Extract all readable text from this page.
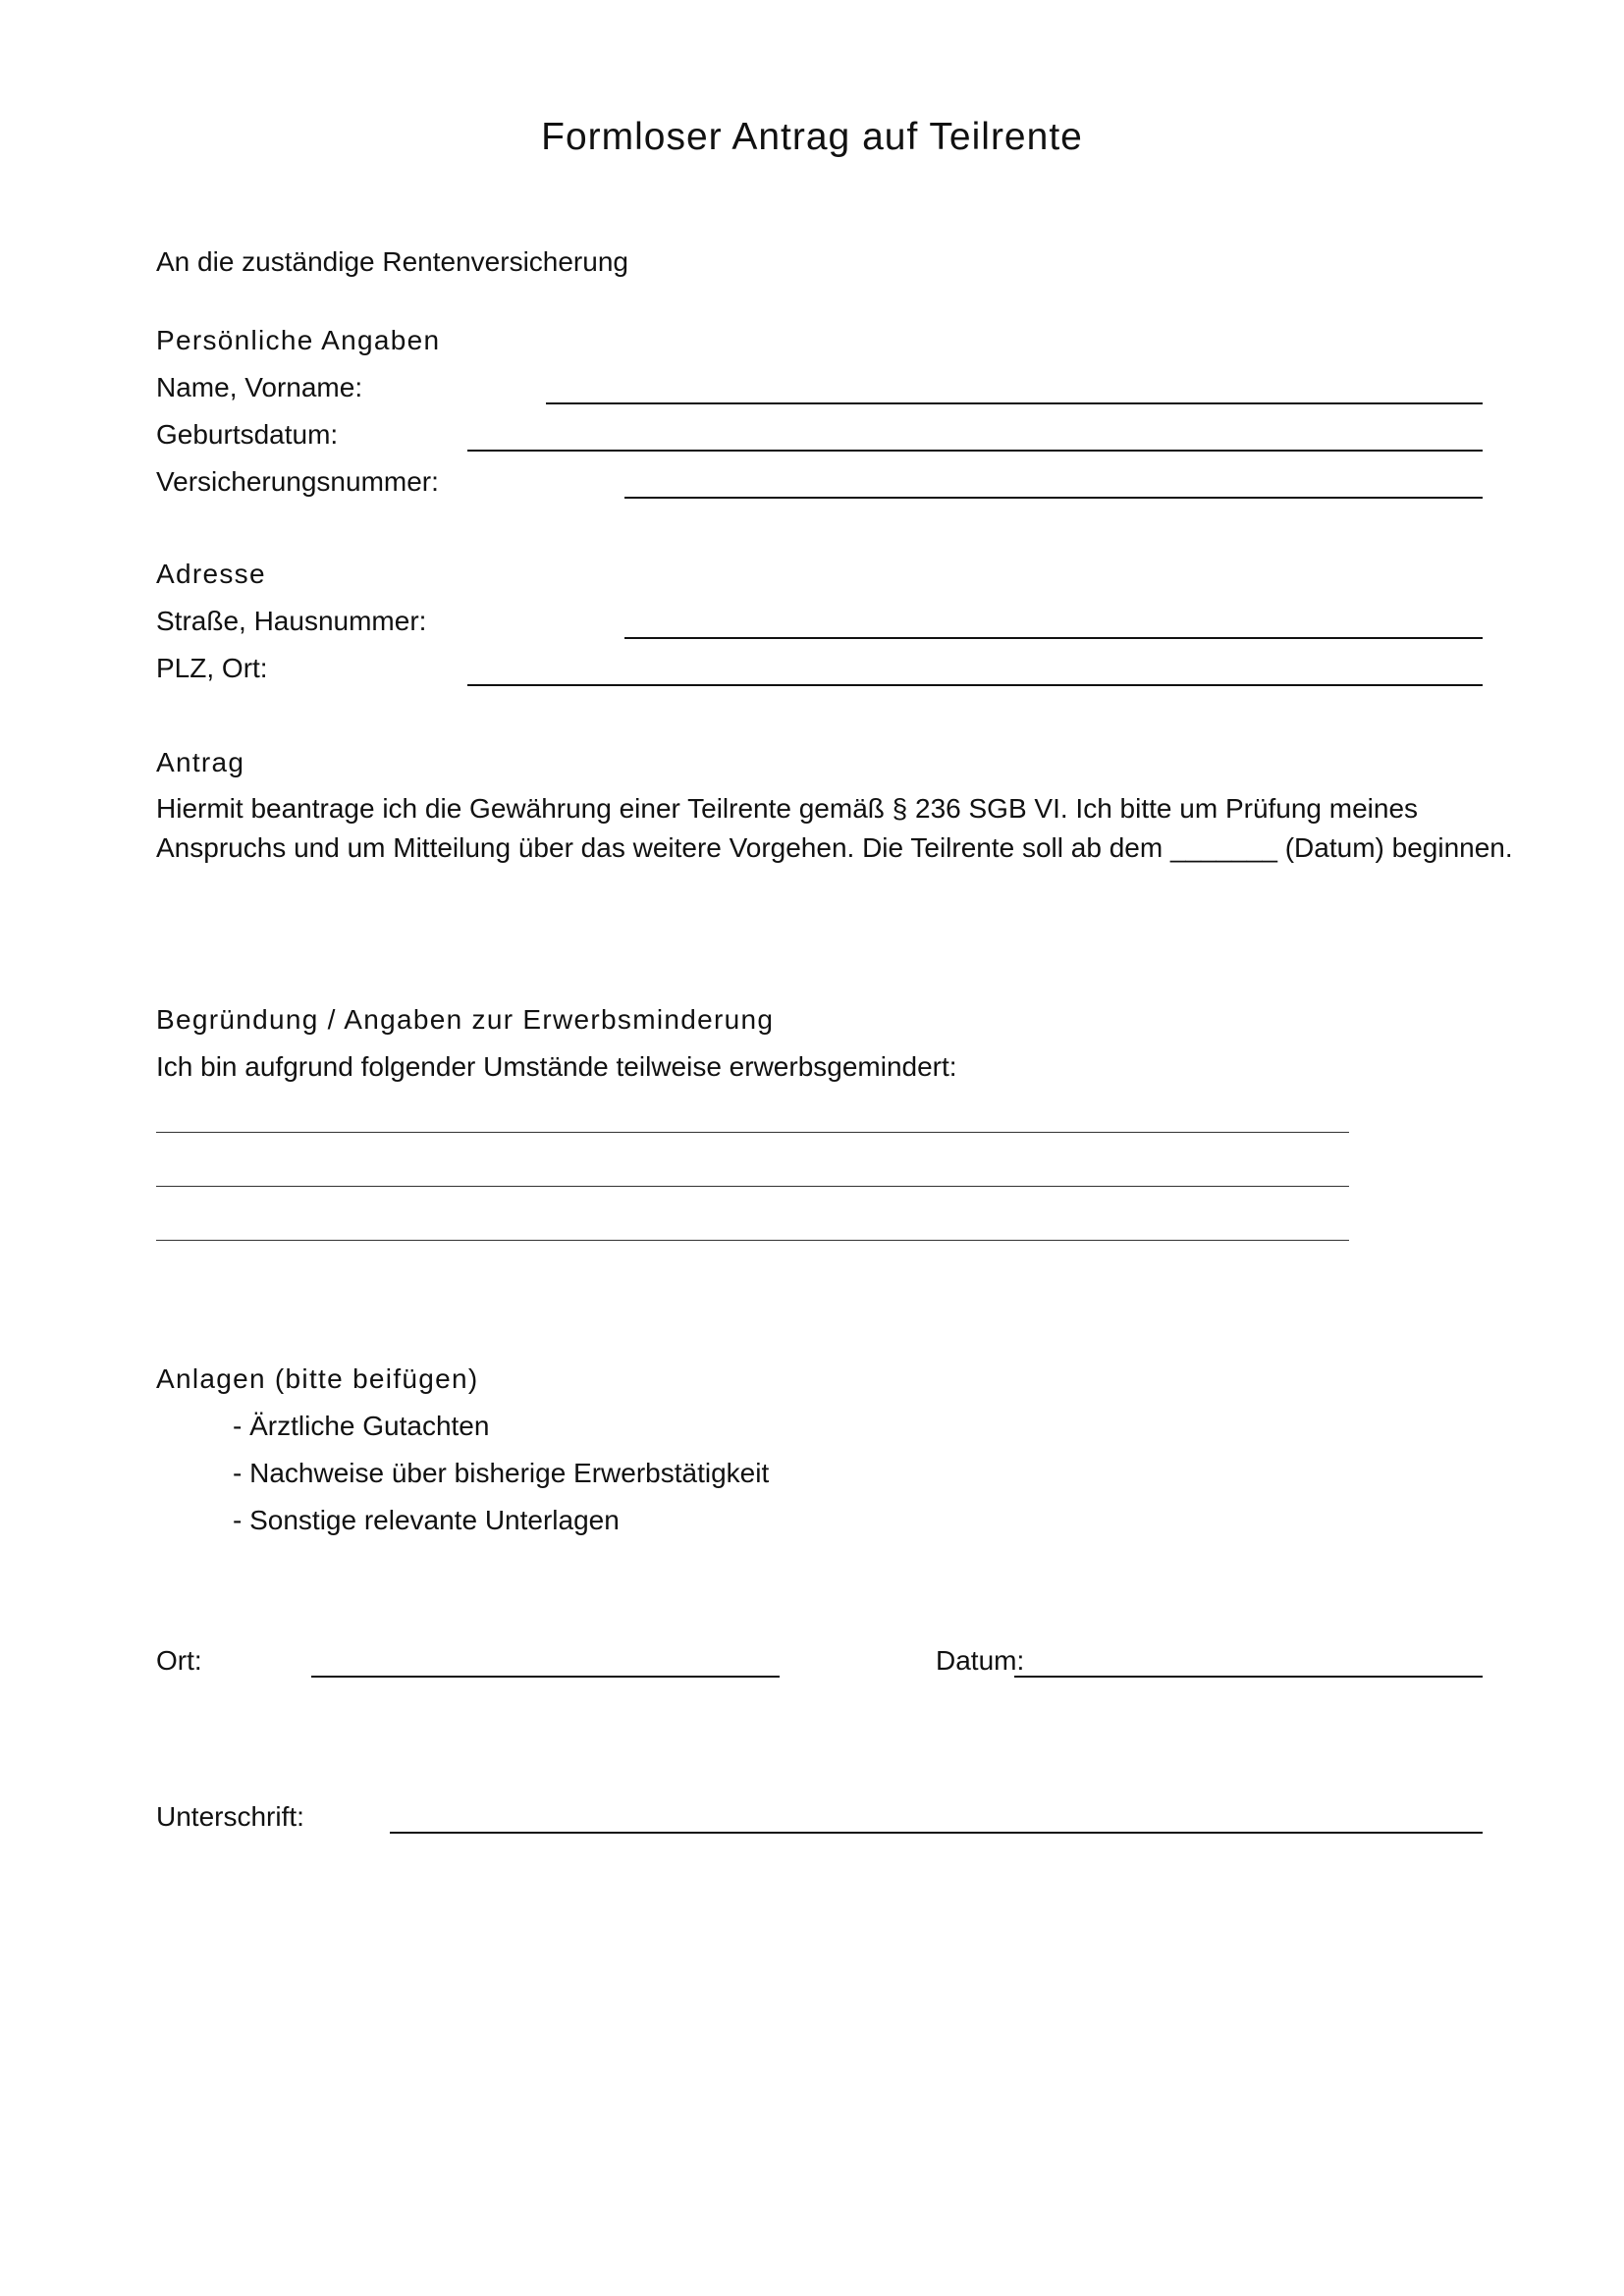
Formloser Antrag auf Teilrente
An die zuständige Rentenversicherung
Persönliche Angaben
Name, Vorname:
Geburtsdatum:
Versicherungsnummer:
Adresse
Straße, Hausnummer:
PLZ, Ort:
Antrag
Hiermit beantrage ich die Gewährung einer Teilrente gemäß § 236 SGB VI. Ich bitte um Prüfung meines Anspruchs und um Mitteilung über das weitere Vorgehen. Die Teilrente soll ab dem _______ (Datum) beginnen.
Begründung / Angaben zur Erwerbsminderung
Ich bin aufgrund folgender Umstände teilweise erwerbsgemindert:
Anlagen (bitte beifügen)
- Ärztliche Gutachten
- Nachweise über bisherige Erwerbstätigkeit
- Sonstige relevante Unterlagen
Ort:	Datum:
Unterschrift:
